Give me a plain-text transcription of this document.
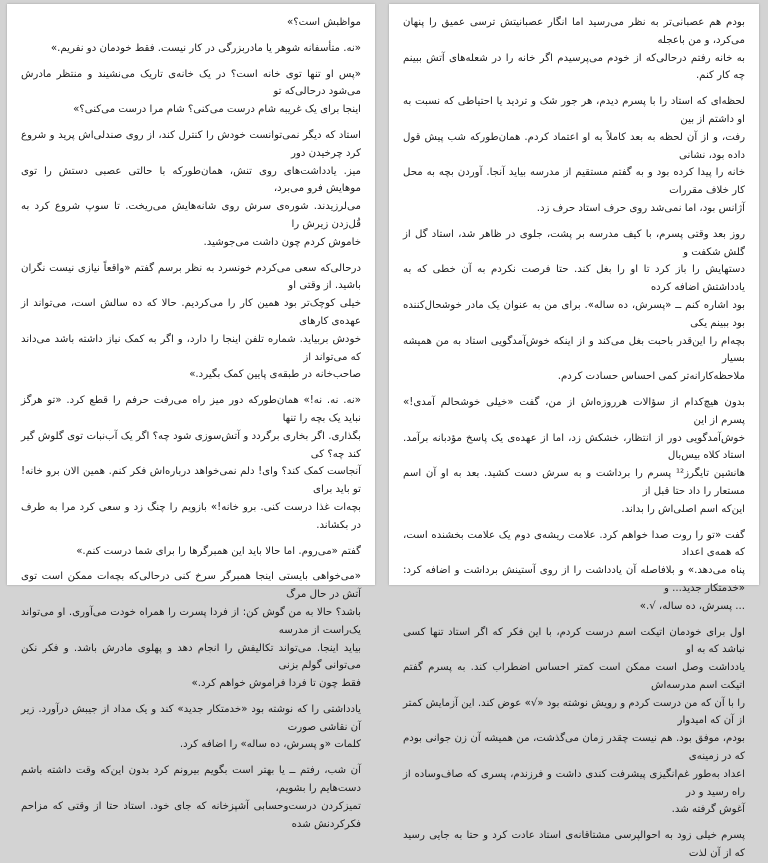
مواظبش است؟»

«نه. متأسفانه شوهر یا مادربزرگی در کار نیست. فقط خودمان دو نفریم.»

«پس او تنها توی خانه است؟ در یک خانه‌ی تاریک می‌نشیند و منتظر مادرش می‌شود درحالی‌که تو
اینجا برای یک غریبه شام درست می‌کنی؟ شام مرا درست می‌کنی؟»

استاد که دیگر نمی‌توانست خودش را کنترل کند، از روی صندلی‌اش پرید و شروع کرد چرخیدن دور
میز. یادداشت‌های روی تنش، همان‌طورکه با حالتی عصبی دستش را توی موهایش فرو می‌برد،
می‌لرزیدند. شوره‌ی سرش روی شانه‌هایش می‌ریخت. تا سوپ شروع کرد به قُل‌زدن زیرش را
خاموش کردم چون داشت می‌جوشید.

درحالی‌که سعی می‌کردم خونسرد به نظر برسم گفتم «واقعاً نیازی نیست نگران باشید. از وقتی او
خیلی کوچک‌تر بود همین کار را می‌کردیم. حالا که ده سالش است، می‌تواند از عهده‌ی کارهای
خودش بربیاید. شماره تلفن اینجا را دارد، و اگر به کمک نیاز داشته باشد می‌داند که می‌تواند از
صاحب‌خانه در طبقه‌ی پایین کمک بگیرد.»

«نه. نه. نه!» همان‌طورکه دور میز راه می‌رفت حرفم را قطع کرد. «تو هرگز نباید یک بچه را تنها
بگذاری. اگر بخاری برگردد و آتش‌سوزی شود چه؟ اگر یک آب‌نبات توی گلوش گیر کند چه؟ کی
آنجاست کمک کند؟ وای! دلم نمی‌خواهد درباره‌اش فکر کنم. همین الان برو خانه! تو باید برای
بچه‌ات غذا درست کنی. برو خانه!» بازویم را چنگ زد و سعی کرد مرا به طرف در بکشاند.

گفتم «می‌روم. اما حالا باید این همبرگرها را برای شما درست کنم.»

«می‌خواهی بایستی اینجا همبرگر سرخ کنی درحالی‌که بچه‌ات ممکن است توی آتش در حال مرگ
باشد؟ حالا به من گوش کن: از فردا پسرت را همراه خودت می‌آوری. او می‌تواند یک‌راست از مدرسه
بیاید اینجا. می‌تواند تکالیفش را انجام دهد و پهلوی مادرش باشد. و فکر نکن می‌توانی گولم بزنی
فقط چون تا فردا فراموش خواهم کرد.»

یادداشتی را که نوشته بود «خدمتکار جدید» کند و یک مداد از جیبش درآورد. زیر آن نقاشی صورت
کلمات «و پسرش، ده ساله» را اضافه کرد.

آن شب، رفتم ــ یا بهتر است بگویم بیرونم کرد بدون این‌که وقت داشته باشم دست‌هایم را بشویم،
تمیزکردن درست‌وحسابی آشپزخانه که جای خود. استاد حتا از وقتی که مزاحم فکرکردنش شده

بودم هم عصبانی‌تر به نظر می‌رسید اما انگار عصبانیتش ترسی عمیق را پنهان می‌کرد، و من باعجله
به خانه رفتم درحالی‌که از خودم می‌پرسیدم اگر خانه را در شعله‌های آتش ببینم چه کار کنم.

لحظه‌ای که استاد را با پسرم دیدم، هر جور شک و تردید یا احتیاطی که نسبت به او داشتم از بین
رفت، و از آن لحظه به بعد کاملاً به او اعتماد کردم. همان‌طورکه شب پیش قول داده بود، نشانی
خانه را پیدا کرده بود و به گفتم مستقیم از مدرسه بیاید آنجا. آوردن بچه به محل کار خلاف مقررات
آژانس بود، اما نمی‌شد روی حرف استاد حرف زد.

روز بعد وقتی پسرم، با کیف مدرسه بر پشت، جلوی در ظاهر شد، استاد گل از گلش شکفت و
دستهایش را باز کرد تا او را بغل کند. حتا فرصت نکردم به آن خطی که به یادداشتش اضافه کرده
بود اشاره کنم ــ «پسرش، ده ساله». برای من به عنوان یک مادر خوشحال‌کننده بود ببینم یکی
بچه‌ام را این‌قدر باحبت بغل می‌کند و از اینکه خوش‌آمدگویی استاد به من همیشه بسیار
ملاحظه‌کارانه‌تر کمی احساس حسادت کردم.

بدون هیچ‌کدام از سؤالات هرروزه‌اش از من، گفت «خیلی خوشحالم آمدی!» پسرم از این
خوش‌آمدگویی دور از انتظار، خشکش زد، اما از عهده‌ی یک پاسخ مؤدبانه برآمد. استاد کلاه بیس‌بال
هانشین تایگرز¹² پسرم را برداشت و به سرش دست کشید. بعد به او آن اسم مستعار را داد حتا قبل از
این‌که اسم اصلی‌اش را بداند.

گفت «تو را روت صدا خواهم کرد. علامت ریشه‌ی دوم یک علامت بخشنده است، که همه‌ی اعداد
پناه می‌دهد.» و بلافاصله آن یادداشت را از روی آستینش برداشت و اضافه کرد: «خدمتکار جدید... و
... پسرش، ده ساله، √.»

اول برای خودمان اتیکت اسم درست کردم، با این فکر که اگر استاد تنها کسی نباشد که به او
یادداشت وصل است ممکن است کمتر احساس اضطراب کند. به پسرم گفتم اتیکت اسم مدرسه‌اش
را با آن که من درست کردم و رویش نوشته بود «√» عوض کند. این آزمایش کمتر از آن که امیدوار
بودم، موفق بود. هم نیست چقدر زمان می‌گذشت، من همیشه آن زن جوانی بودم که در زمینه‌ی
اعداد به‌طور غم‌انگیزی پیشرفت کندی داشت و فرزندم، پسری که صاف‌وساده از راه رسید و در
آغوش گرفته شد.

پسرم خیلی زود به احوالپرسی مشتاقانه‌ی استاد عادت کرد و حتا به جایی رسید که از آن لذت
